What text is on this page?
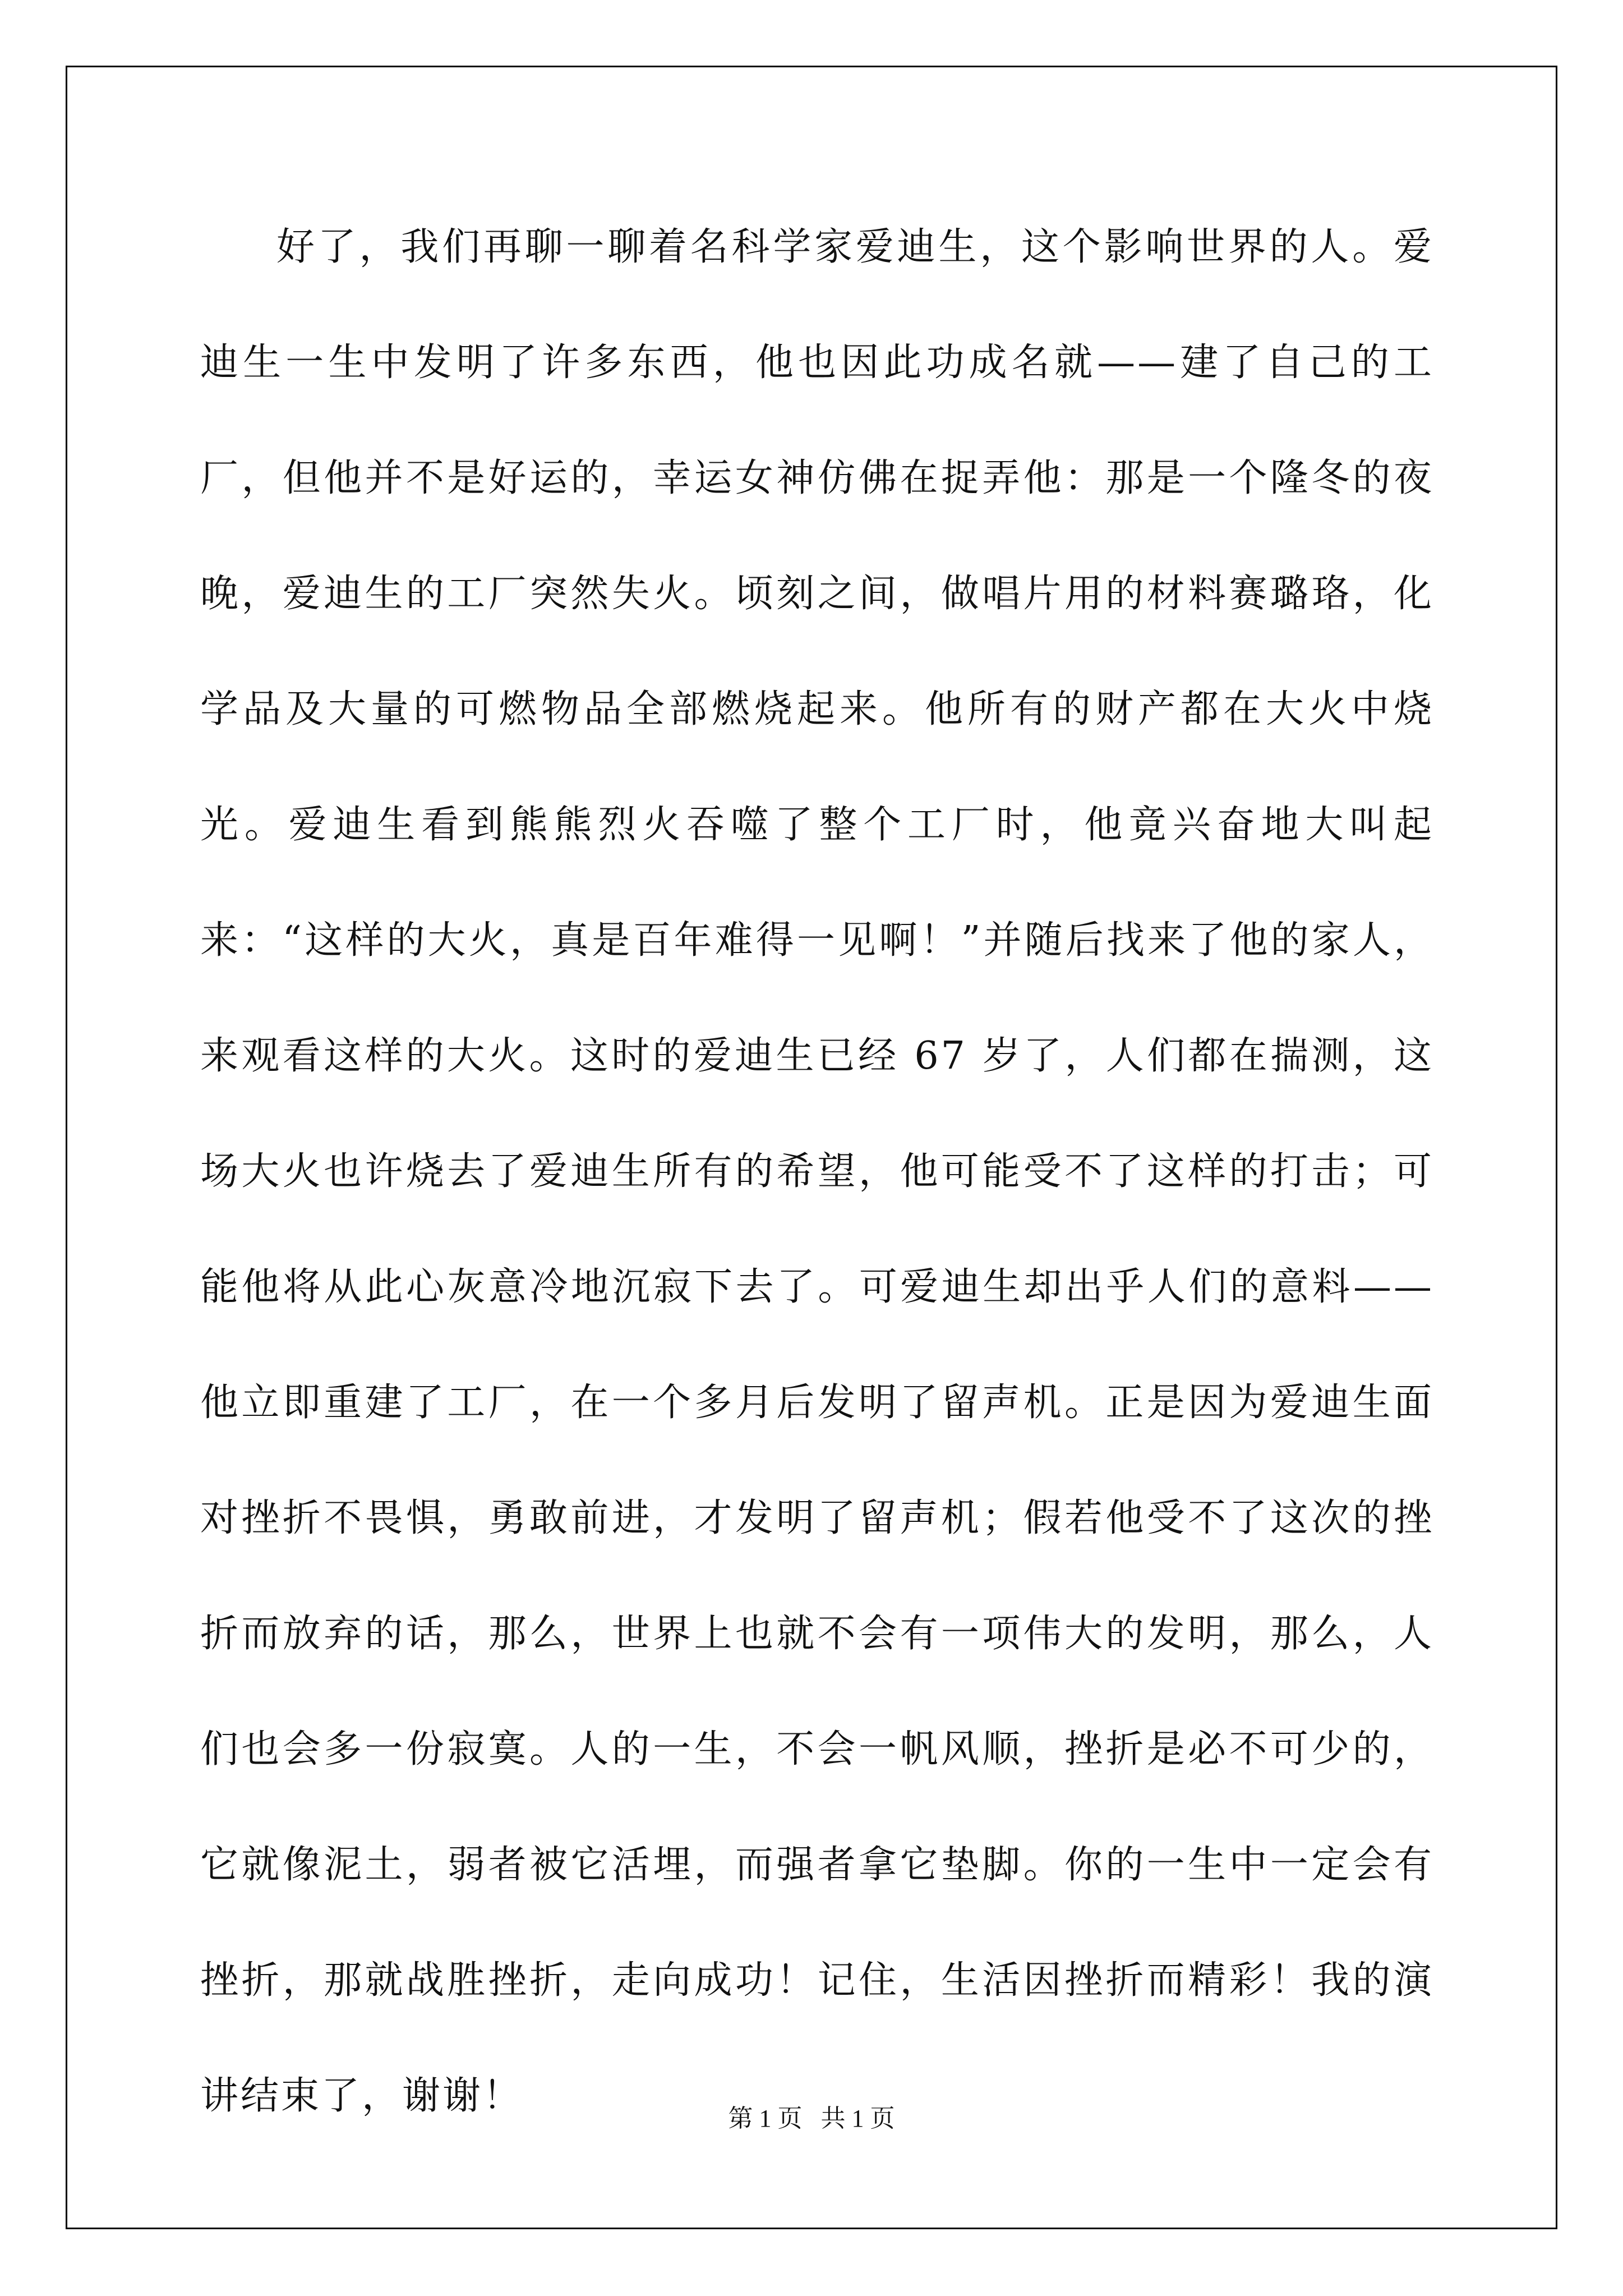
好了，我们再聊一聊着名科学家爱迪生，这个影响世界的人。爱迪生一生中发明了许多东西，他也因此功成名就——建了自己的工厂，但他并不是好运的，幸运女神仿佛在捉弄他：那是一个隆冬的夜晚，爱迪生的工厂突然失火。顷刻之间，做唱片用的材料赛璐珞，化学品及大量的可燃物品全部燃烧起来。他所有的财产都在大火中烧光。爱迪生看到熊熊烈火吞噬了整个工厂时，他竟兴奋地大叫起来：“这样的大火，真是百年难得一见啊！”并随后找来了他的家人，来观看这样的大火。这时的爱迪生已经 67 岁了，人们都在揣测，这场大火也许烧去了爱迪生所有的希望，他可能受不了这样的打击；可能他将从此心灰意冷地沉寂下去了。可爱迪生却出乎人们的意料——他立即重建了工厂，在一个多月后发明了留声机。正是因为爱迪生面对挫折不畏惧，勇敢前进，才发明了留声机；假若他受不了这次的挫折而放弃的话，那么，世界上也就不会有一项伟大的发明，那么，人们也会多一份寂寞。人的一生，不会一帆风顺，挫折是必不可少的，它就像泥土，弱者被它活埋，而强者拿它垫脚。你的一生中一定会有挫折，那就战胜挫折，走向成功！记住，生活因挫折而精彩！我的演讲结束了，谢谢！

第 1 页   共 1 页
